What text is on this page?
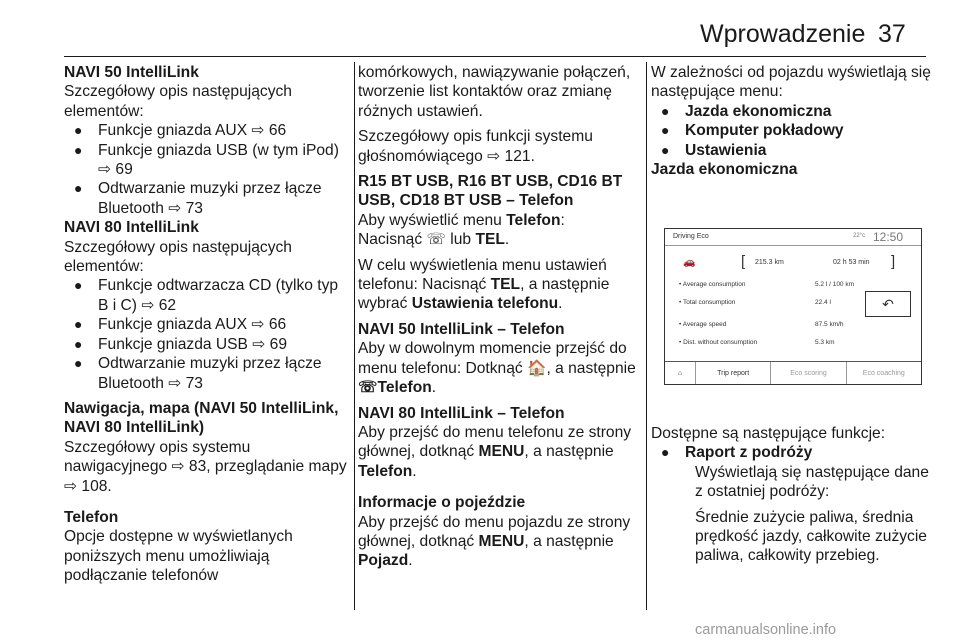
Wprowadzenie 37
NAVI 50 IntelliLink
Szczegółowy opis następujących elementów:
● Funkcje gniazda AUX ⇨ 66
● Funkcje gniazda USB (w tym iPod) ⇨ 69
● Odtwarzanie muzyki przez łącze Bluetooth ⇨ 73
NAVI 80 IntelliLink
Szczegółowy opis następujących elementów:
● Funkcje odtwarzacza CD (tylko typ B i C) ⇨ 62
● Funkcje gniazda AUX ⇨ 66
● Funkcje gniazda USB ⇨ 69
● Odtwarzanie muzyki przez łącze Bluetooth ⇨ 73
Nawigacja, mapa (NAVI 50 IntelliLink, NAVI 80 IntelliLink)
Szczegółowy opis systemu nawigacyjnego ⇨ 83, przeglądanie mapy ⇨ 108.
Telefon
Opcje dostępne w wyświetlanych poniższych menu umożliwiają podłączanie telefonów
komórkowych, nawiązywanie połączeń, tworzenie list kontaktów oraz zmianę różnych ustawień.
Szczegółowy opis funkcji systemu głośnomówiącego ⇨ 121.
R15 BT USB, R16 BT USB, CD16 BT USB, CD18 BT USB – Telefon
Aby wyświetlić menu Telefon:
Nacisnąć ☏ lub TEL.
W celu wyświetlenia menu ustawień telefonu: Nacisnąć TEL, a następnie wybrać Ustawienia telefonu.
NAVI 50 IntelliLink – Telefon
Aby w dowolnym momencie przejść do menu telefonu: Dotknąć 🏠, a następnie ☏Telefon.
NAVI 80 IntelliLink – Telefon
Aby przejść do menu telefonu ze strony głównej, dotknąć MENU, a następnie Telefon.
Informacje o pojeździe
Aby przejść do menu pojazdu ze strony głównej, dotknąć MENU, a następnie Pojazd.
W zależności od pojazdu wyświetlają się następujące menu:
● Jazda ekonomiczna
● Komputer pokładowy
● Ustawienia
Jazda ekonomiczna
Driving Eco	22°c 12:50
🚗	[ 215.3 km	02 h 53 min ]
• Average consumption	5.2 l / 100 km
• Total consumption	22.4 l
• Average speed	87.5 km/h
• Dist. without consumption	5.3 km
↶
⌂	Trip report	Eco scoring	Eco coaching
Dostępne są następujące funkcje:
● Raport z podróży
Wyświetlają się następujące dane z ostatniej podróży:
Średnie zużycie paliwa, średnia prędkość jazdy, całkowite zużycie paliwa, całkowity przebieg.
carmanualsonline.info
